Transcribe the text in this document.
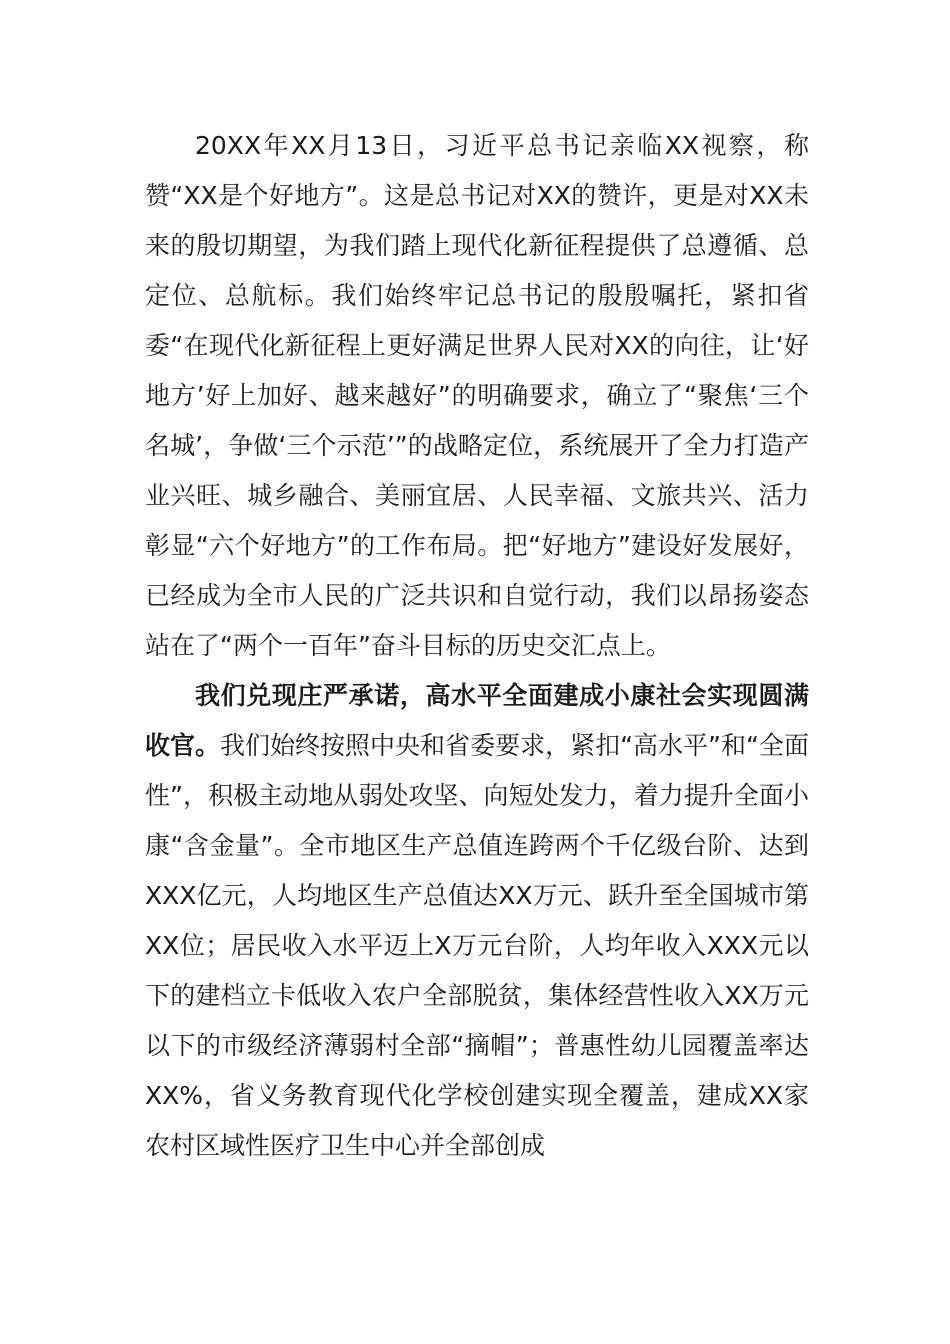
20XX年XX月13日，习近平总书记亲临XX视察，称赞“XX是个好地方”。这是总书记对XX的赞许，更是对XX未来的殷切期望，为我们踏上现代化新征程提供了总遵循、总定位、总航标。我们始终牢记总书记的殷殷嘱托，紧扣省委“在现代化新征程上更好满足世界人民对XX的向往，让‘好地方’好上加好、越来越好”的明确要求，确立了“聚焦‘三个名城’，争做‘三个示范’”的战略定位，系统展开了全力打造产业兴旺、城乡融合、美丽宜居、人民幸福、文旅共兴、活力彰显“六个好地方”的工作布局。把“好地方”建设好发展好，已经成为全市人民的广泛共识和自觉行动，我们以昂扬姿态站在了“两个一百年”奋斗目标的历史交汇点上。

我们兑现庄严承诺，高水平全面建成小康社会实现圆满收官。我们始终按照中央和省委要求，紧扣“高水平”和“全面性”，积极主动地从弱处攻坚、向短处发力，着力提升全面小康“含金量”。全市地区生产总值连跨两个千亿级台阶、达到XXX亿元，人均地区生产总值达XX万元、跃升至全国城市第XX位；居民收入水平迈上X万元台阶，人均年收入XXX元以下的建档立卡低收入农户全部脱贫，集体经营性收入XX万元以下的市级经济薄弱村全部“摘帽”；普惠性幼儿园覆盖率达XX%，省义务教育现代化学校创建实现全覆盖，建成XX家农村区域性医疗卫生中心并全部创成
